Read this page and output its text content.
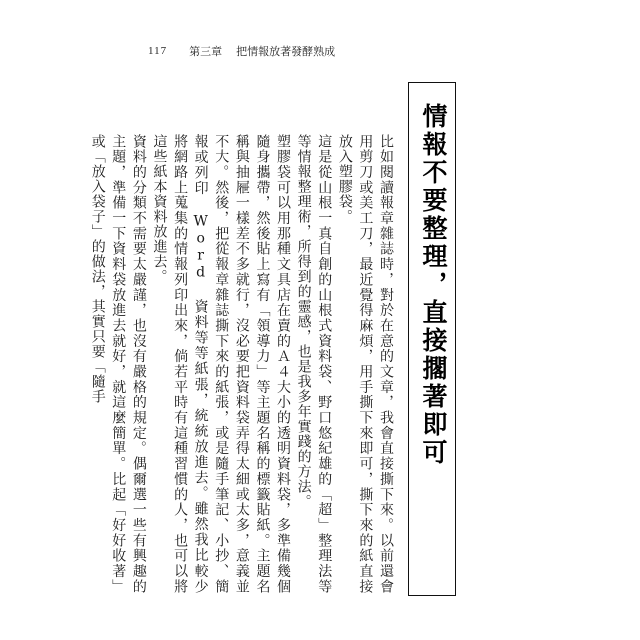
117 第三章 把情報放著發酵熟成
情報不要整理，直接擱著即可

比如閱讀報章雜誌時，對於在意的文章，我會直接撕下來。以前還會用剪刀或美工刀，最近覺得麻煩，用手撕下來即可，撕下來的紙直接放入塑膠袋。

這是從山根一真自創的山根式資料袋、野口悠紀雄的「超」整理法等等情報整理術，所得到的靈感，也是我多年實踐的方法。

塑膠袋可以用那種文具店在賣的Ａ４大小的透明資料袋，多準備幾個隨身攜帶，然後貼上寫有「領導力」等主題名稱的標籤貼紙。主題名稱與抽屜一樣差不多就行，沒必要把資料袋弄得太細或太多，意義並不大。然後，把從報章雜誌撕下來的紙張，或是隨手筆記、小抄、簡報或列印 Word 資料等等紙張，統統放進去。雖然我比較少將網路上蒐集的情報列印出來，倘若平時有這種習慣的人，也可以將這些紙本資料放進去。

資料的分類不需要太嚴謹，也沒有嚴格的規定。偶爾選一些有興趣的主題，準備一下資料袋放進去就好，就這麼簡單。比起「好好收著」或「放入袋子」的做法，其實只要「隨手
